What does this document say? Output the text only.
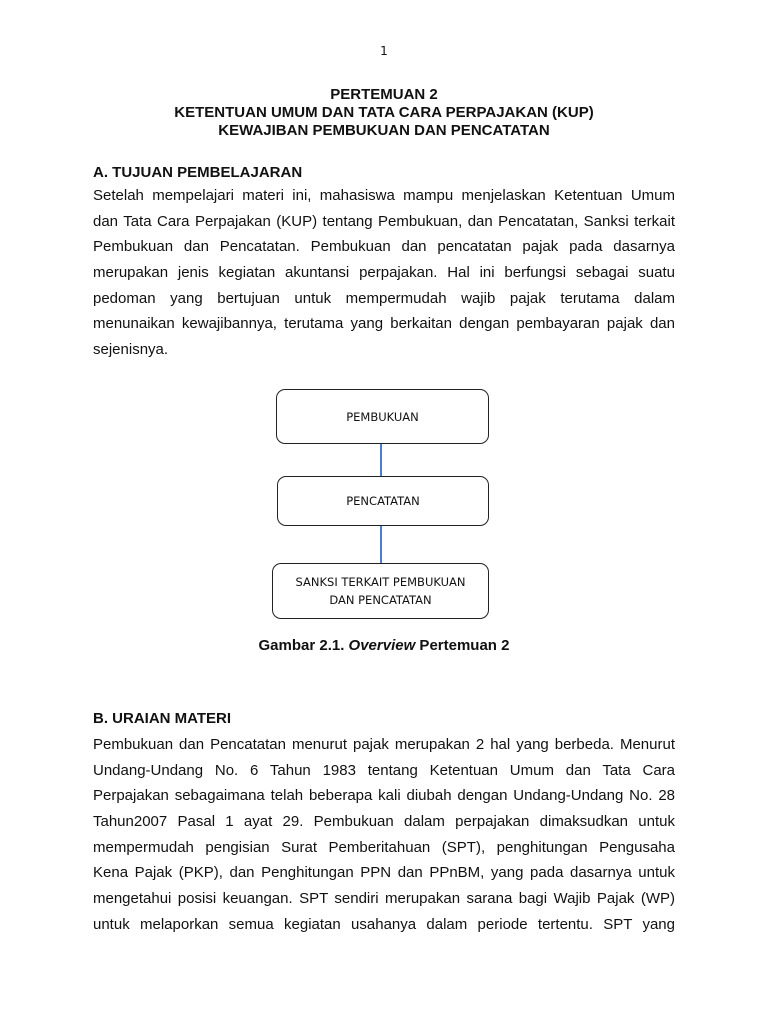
1
PERTEMUAN 2
KETENTUAN UMUM DAN TATA CARA PERPAJAKAN (KUP)
KEWAJIBAN PEMBUKUAN DAN PENCATATAN
A. TUJUAN PEMBELAJARAN
Setelah mempelajari materi ini, mahasiswa mampu menjelaskan Ketentuan Umum
dan Tata Cara Perpajakan (KUP) tentang Pembukuan, dan Pencatatan, Sanksi terkait
Pembukuan dan Pencatatan. Pembukuan dan pencatatan pajak pada dasarnya
merupakan jenis kegiatan akuntansi perpajakan. Hal ini berfungsi sebagai suatu
pedoman yang bertujuan untuk mempermudah wajib pajak terutama dalam
menunaikan kewajibannya, terutama yang berkaitan dengan pembayaran pajak dan
sejenisnya.
PEMBUKUAN
PENCATATAN
SANKSI TERKAIT PEMBUKUAN
DAN PENCATATAN
Gambar 2.1. Overview Pertemuan 2
B. URAIAN MATERI
Pembukuan dan Pencatatan menurut pajak merupakan 2 hal yang berbeda. Menurut
Undang-Undang No. 6 Tahun 1983 tentang Ketentuan Umum dan Tata Cara
Perpajakan sebagaimana telah beberapa kali diubah dengan Undang-Undang No. 28
Tahun2007 Pasal 1 ayat 29. Pembukuan dalam perpajakan dimaksudkan untuk
mempermudah pengisian Surat Pemberitahuan (SPT), penghitungan Pengusaha
Kena Pajak (PKP), dan Penghitungan PPN dan PPnBM, yang pada dasarnya untuk
mengetahui posisi keuangan. SPT sendiri merupakan sarana bagi Wajib Pajak (WP)
untuk melaporkan semua kegiatan usahanya dalam periode tertentu. SPT yang
